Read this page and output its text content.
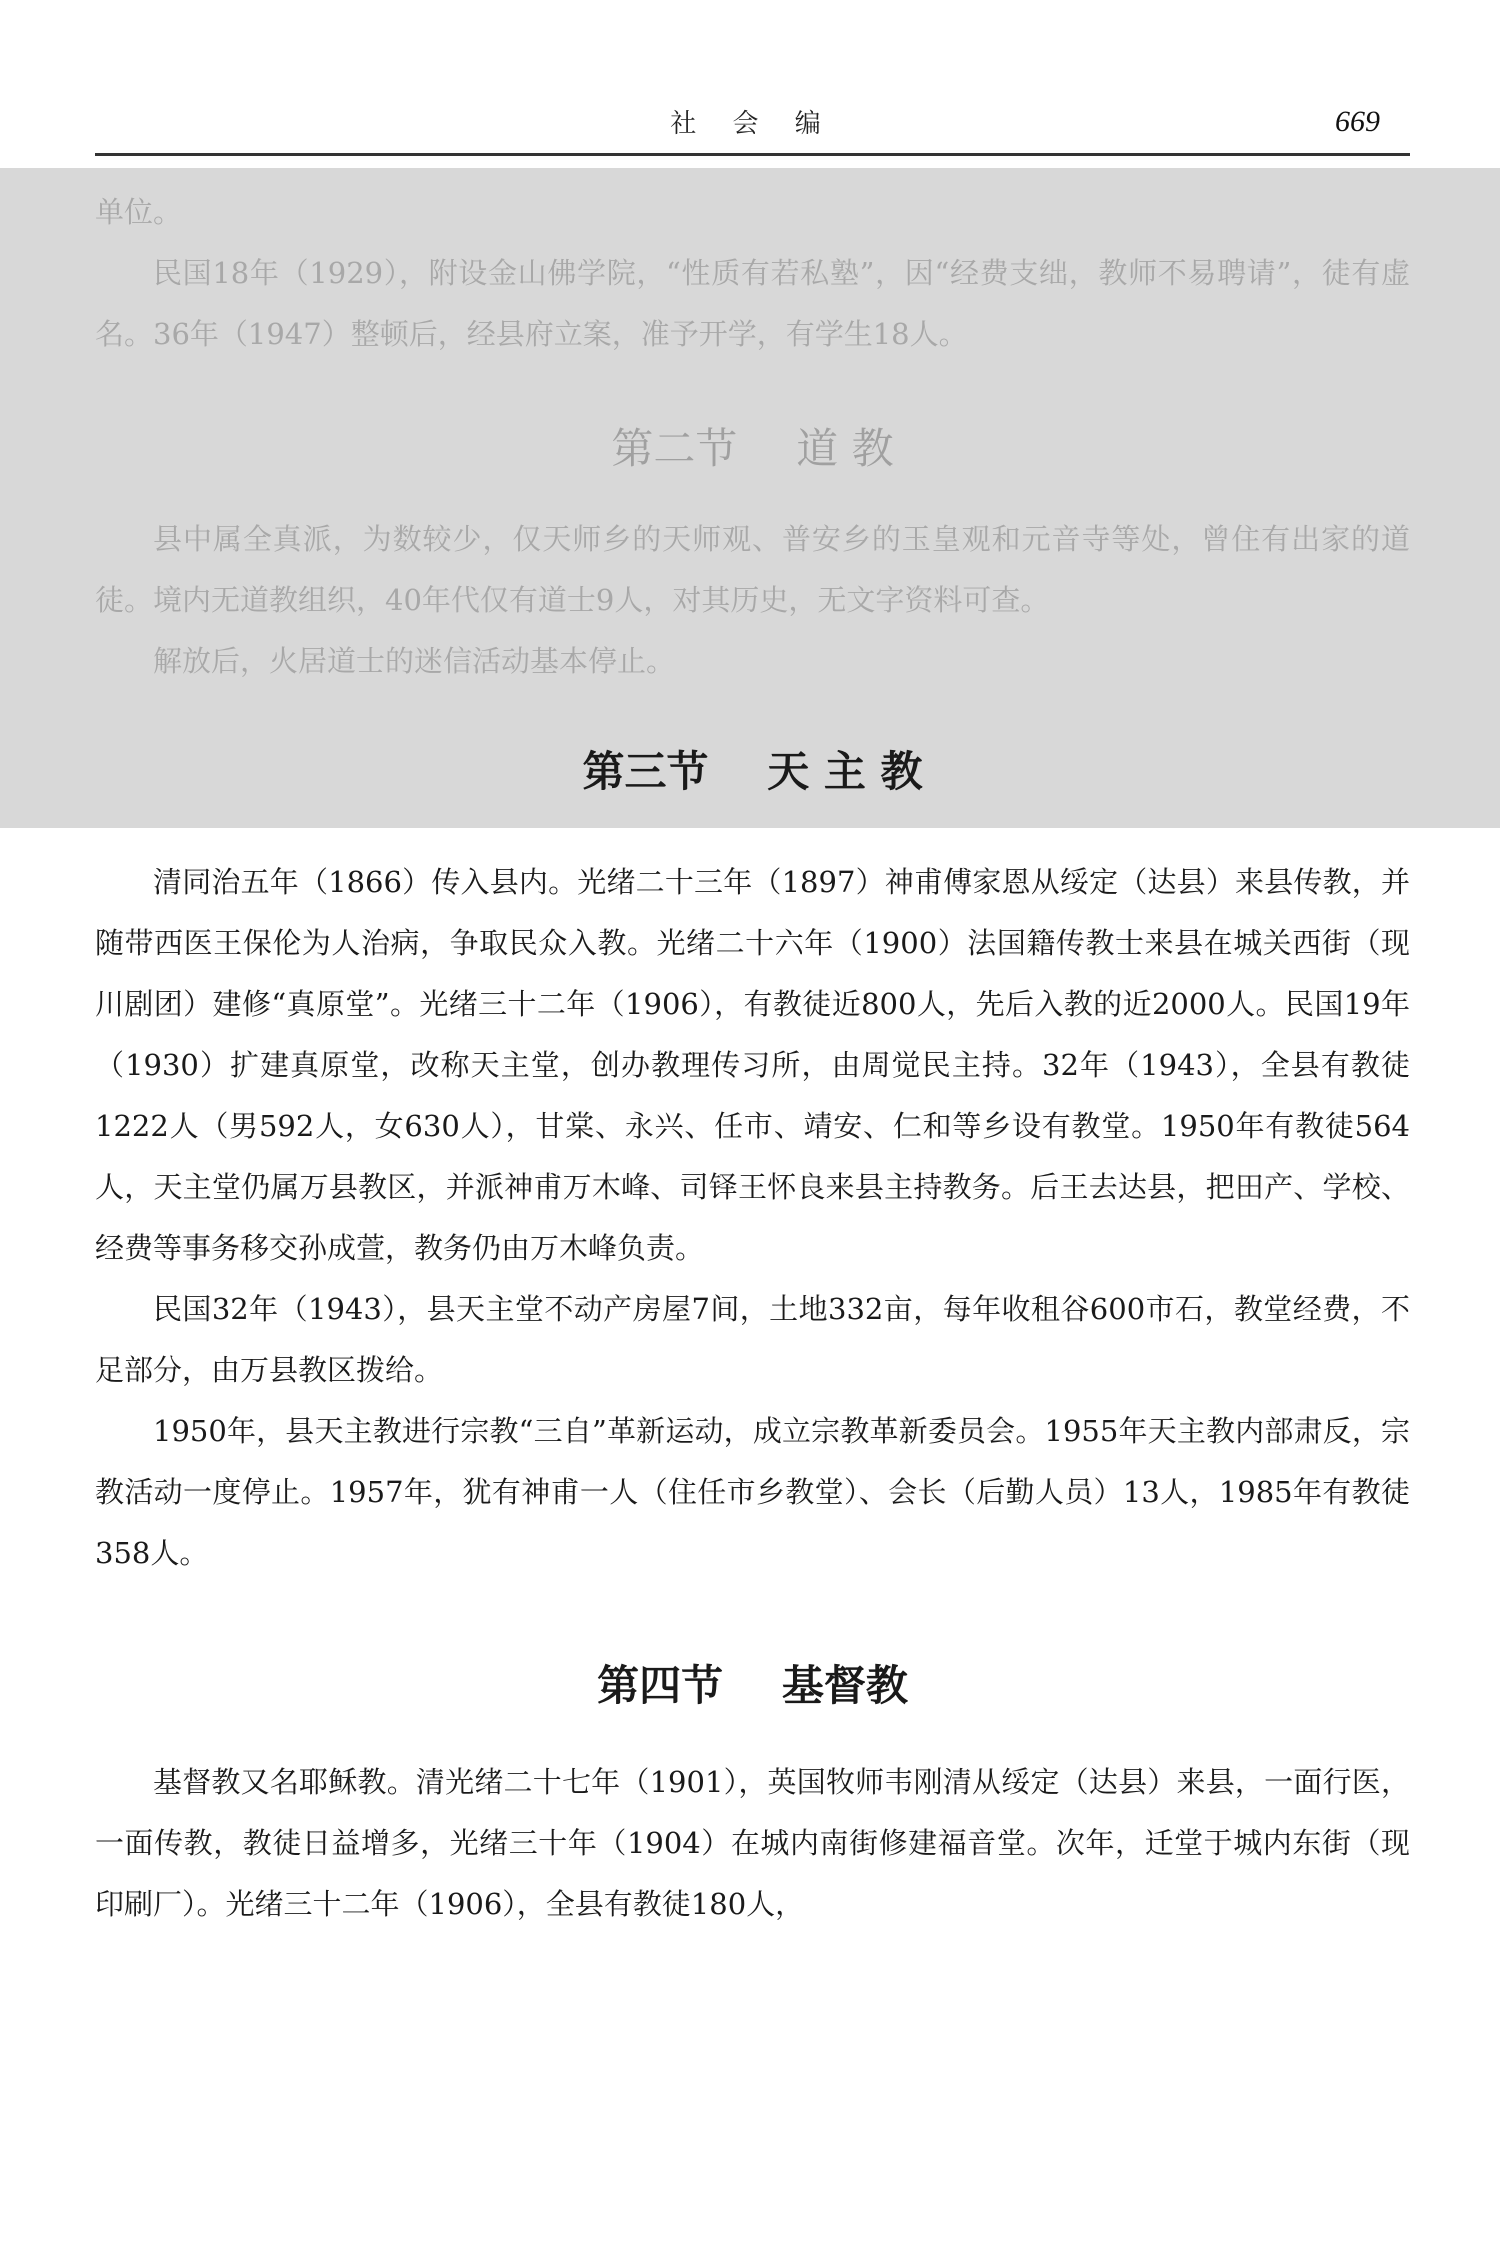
社 会 编	669

单位。

民国18年（1929），附设金山佛学院，“性质有若私塾”，因“经费支绌，教师不易聘请”，徒有虚名。36年（1947）整顿后，经县府立案，准予开学，有学生18人。

第二节 道 教

县中属全真派，为数较少，仅天师乡的天师观、普安乡的玉皇观和元音寺等处，曾住有出家的道徒。境内无道教组织，40年代仅有道士9人，对其历史，无文字资料可查。

解放后，火居道士的迷信活动基本停止。

第三节 天 主 教

清同治五年（1866）传入县内。光绪二十三年（1897）神甫傅家恩从绥定（达县）来县传教，并随带西医王保伦为人治病，争取民众入教。光绪二十六年（1900）法国籍传教士来县在城关西街（现川剧团）建修“真原堂”。光绪三十二年（1906），有教徒近800人，先后入教的近2000人。民国19年（1930）扩建真原堂，改称天主堂，创办教理传习所，由周觉民主持。32年（1943），全县有教徒1222人（男592人，女630人），甘棠、永兴、任市、靖安、仁和等乡设有教堂。1950年有教徒564人，天主堂仍属万县教区，并派神甫万木峰、司铎王怀良来县主持教务。后王去达县，把田产、学校、经费等事务移交孙成萱，教务仍由万木峰负责。

民国32年（1943），县天主堂不动产房屋7间，土地332亩，每年收租谷600市石，教堂经费，不足部分，由万县教区拨给。

1950年，县天主教进行宗教“三自”革新运动，成立宗教革新委员会。1955年天主教内部肃反，宗教活动一度停止。1957年，犹有神甫一人（住任市乡教堂）、会长（后勤人员）13人，1985年有教徒358人。

第四节 基督教

基督教又名耶稣教。清光绪二十七年（1901），英国牧师韦刚清从绥定（达县）来县，一面行医，一面传教，教徒日益增多，光绪三十年（1904）在城内南街修建福音堂。次年，迁堂于城内东街（现印刷厂）。光绪三十二年（1906），全县有教徒180人，
